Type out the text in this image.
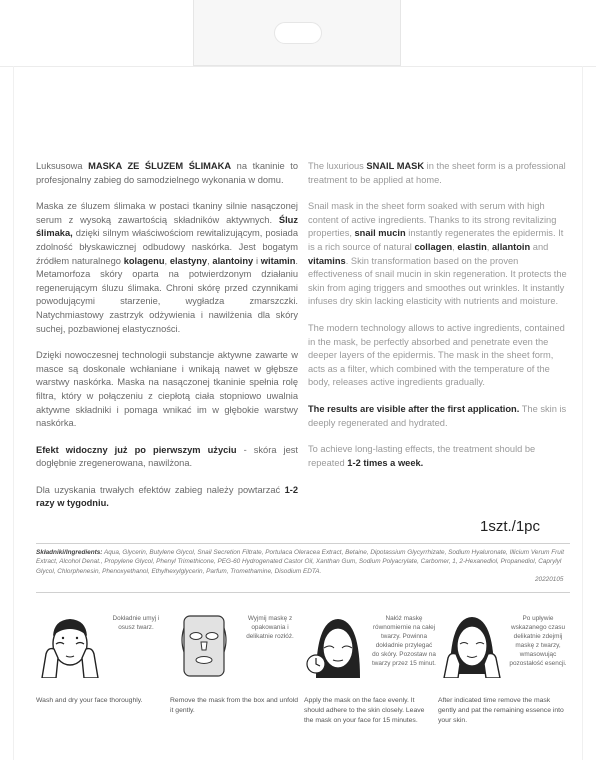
Luksusowa MASKA ZE ŚLUZEM ŚLIMAKA na tkaninie to profesjonalny zabieg do samodzielnego wykonania w domu.

Maska ze śluzem ślimaka w postaci tkaniny silnie nasączonej serum z wysoką zawartością składników aktywnych. Śluz ślimaka, dzięki silnym właściwościom rewitalizującym, posiada zdolność błyskawicznej odbudowy naskórka. Jest bogatym źródłem naturalnego kolagenu, elastyny, alantoiny i witamin. Metamorfoza skóry oparta na potwierdzonym działaniu regenerującym śluzu ślimaka. Chroni skórę przed czynnikami powodującymi starzenie, wygładza zmarszczki. Natychmiastowy zastrzyk odżywienia i nawilżenia dla skóry suchej, pozbawionej elastyczności.

Dzięki nowoczesnej technologii substancje aktywne zawarte w masce są doskonale wchłaniane i wnikają nawet w głębsze warstwy naskórka. Maska na nasączonej tkaninie spełnia rolę filtra, który w połączeniu z ciepłotą ciała stopniowo uwalnia aktywne składniki i pomaga wnikać im w głębokie warstwy naskórka.

Efekt widoczny już po pierwszym użyciu - skóra jest dogłębnie zregenerowana, nawilżona.

Dla uzyskania trwałych efektów zabieg należy powtarzać 1-2 razy w tygodniu.

The luxurious SNAIL MASK in the sheet form is a professional treatment to be applied at home.

Snail mask in the sheet form soaked with serum with high content of active ingredients. Thanks to its strong revitalizing properties, snail mucin instantly regenerates the epidermis. It is a rich source of natural collagen, elastin, allantoin and vitamins. Skin transformation based on the proven effectiveness of snail mucin in skin regeneration. It protects the skin from aging triggers and smoothes out wrinkles. It instantly infuses dry skin lacking elasticity with nutrients and moisture.

The modern technology allows to active ingredients, contained in the mask, be perfectly absorbed and penetrate even the deeper layers of the epidermis. The mask in the sheet form, acts as a filter, which combined with the temperature of the body, releases active ingredients gradually.

The results are visible after the first application. The skin is deeply regenerated and hydrated.

To achieve long-lasting effects, the treatment should be repeated 1-2 times a week.

1szt./1pc
Składniki/Ingredients: Aqua, Glycerin, Butylene Glycol, Snail Secretion Filtrate, Portulaca Oleracea Extract, Betaine, Dipotassium Glycyrrhizate, Sodium Hyaluronate, Illicium Verum Fruit Extract, Alcohol Denat., Propylene Glycol, Phenyl Trimethicone, PEG-60 Hydrogenated Castor Oil, Xanthan Gum, Sodium Polyacrylate, Carbomer, 1, 2-Hexanediol, Propanediol, Caprylyl Glycol, Chlorphenesin, Phenoxyethanol, Ethylhexylglycerin, Parfum, Tromethamine, Disodium EDTA.
20220105
Dokładnie umyj i osusz twarz.
Wash and dry your face thoroughly.
Wyjmij maskę z opakowania i delikatnie rozłóż.
Remove the mask from the box and unfold it gently.
Nałóż maskę równomiernie na całej twarzy. Powinna dokładnie przylegać do skóry. Pozostaw na twarzy przez 15 minut.
Apply the mask on the face evenly. It should adhere to the skin closely. Leave the mask on your face for 15 minutes.
Po upływie wskazanego czasu delikatnie zdejmij maskę z twarzy, wmasowując pozostałość esencji.
After indicated time remove the mask gently and pat the remaining essence into your skin.
